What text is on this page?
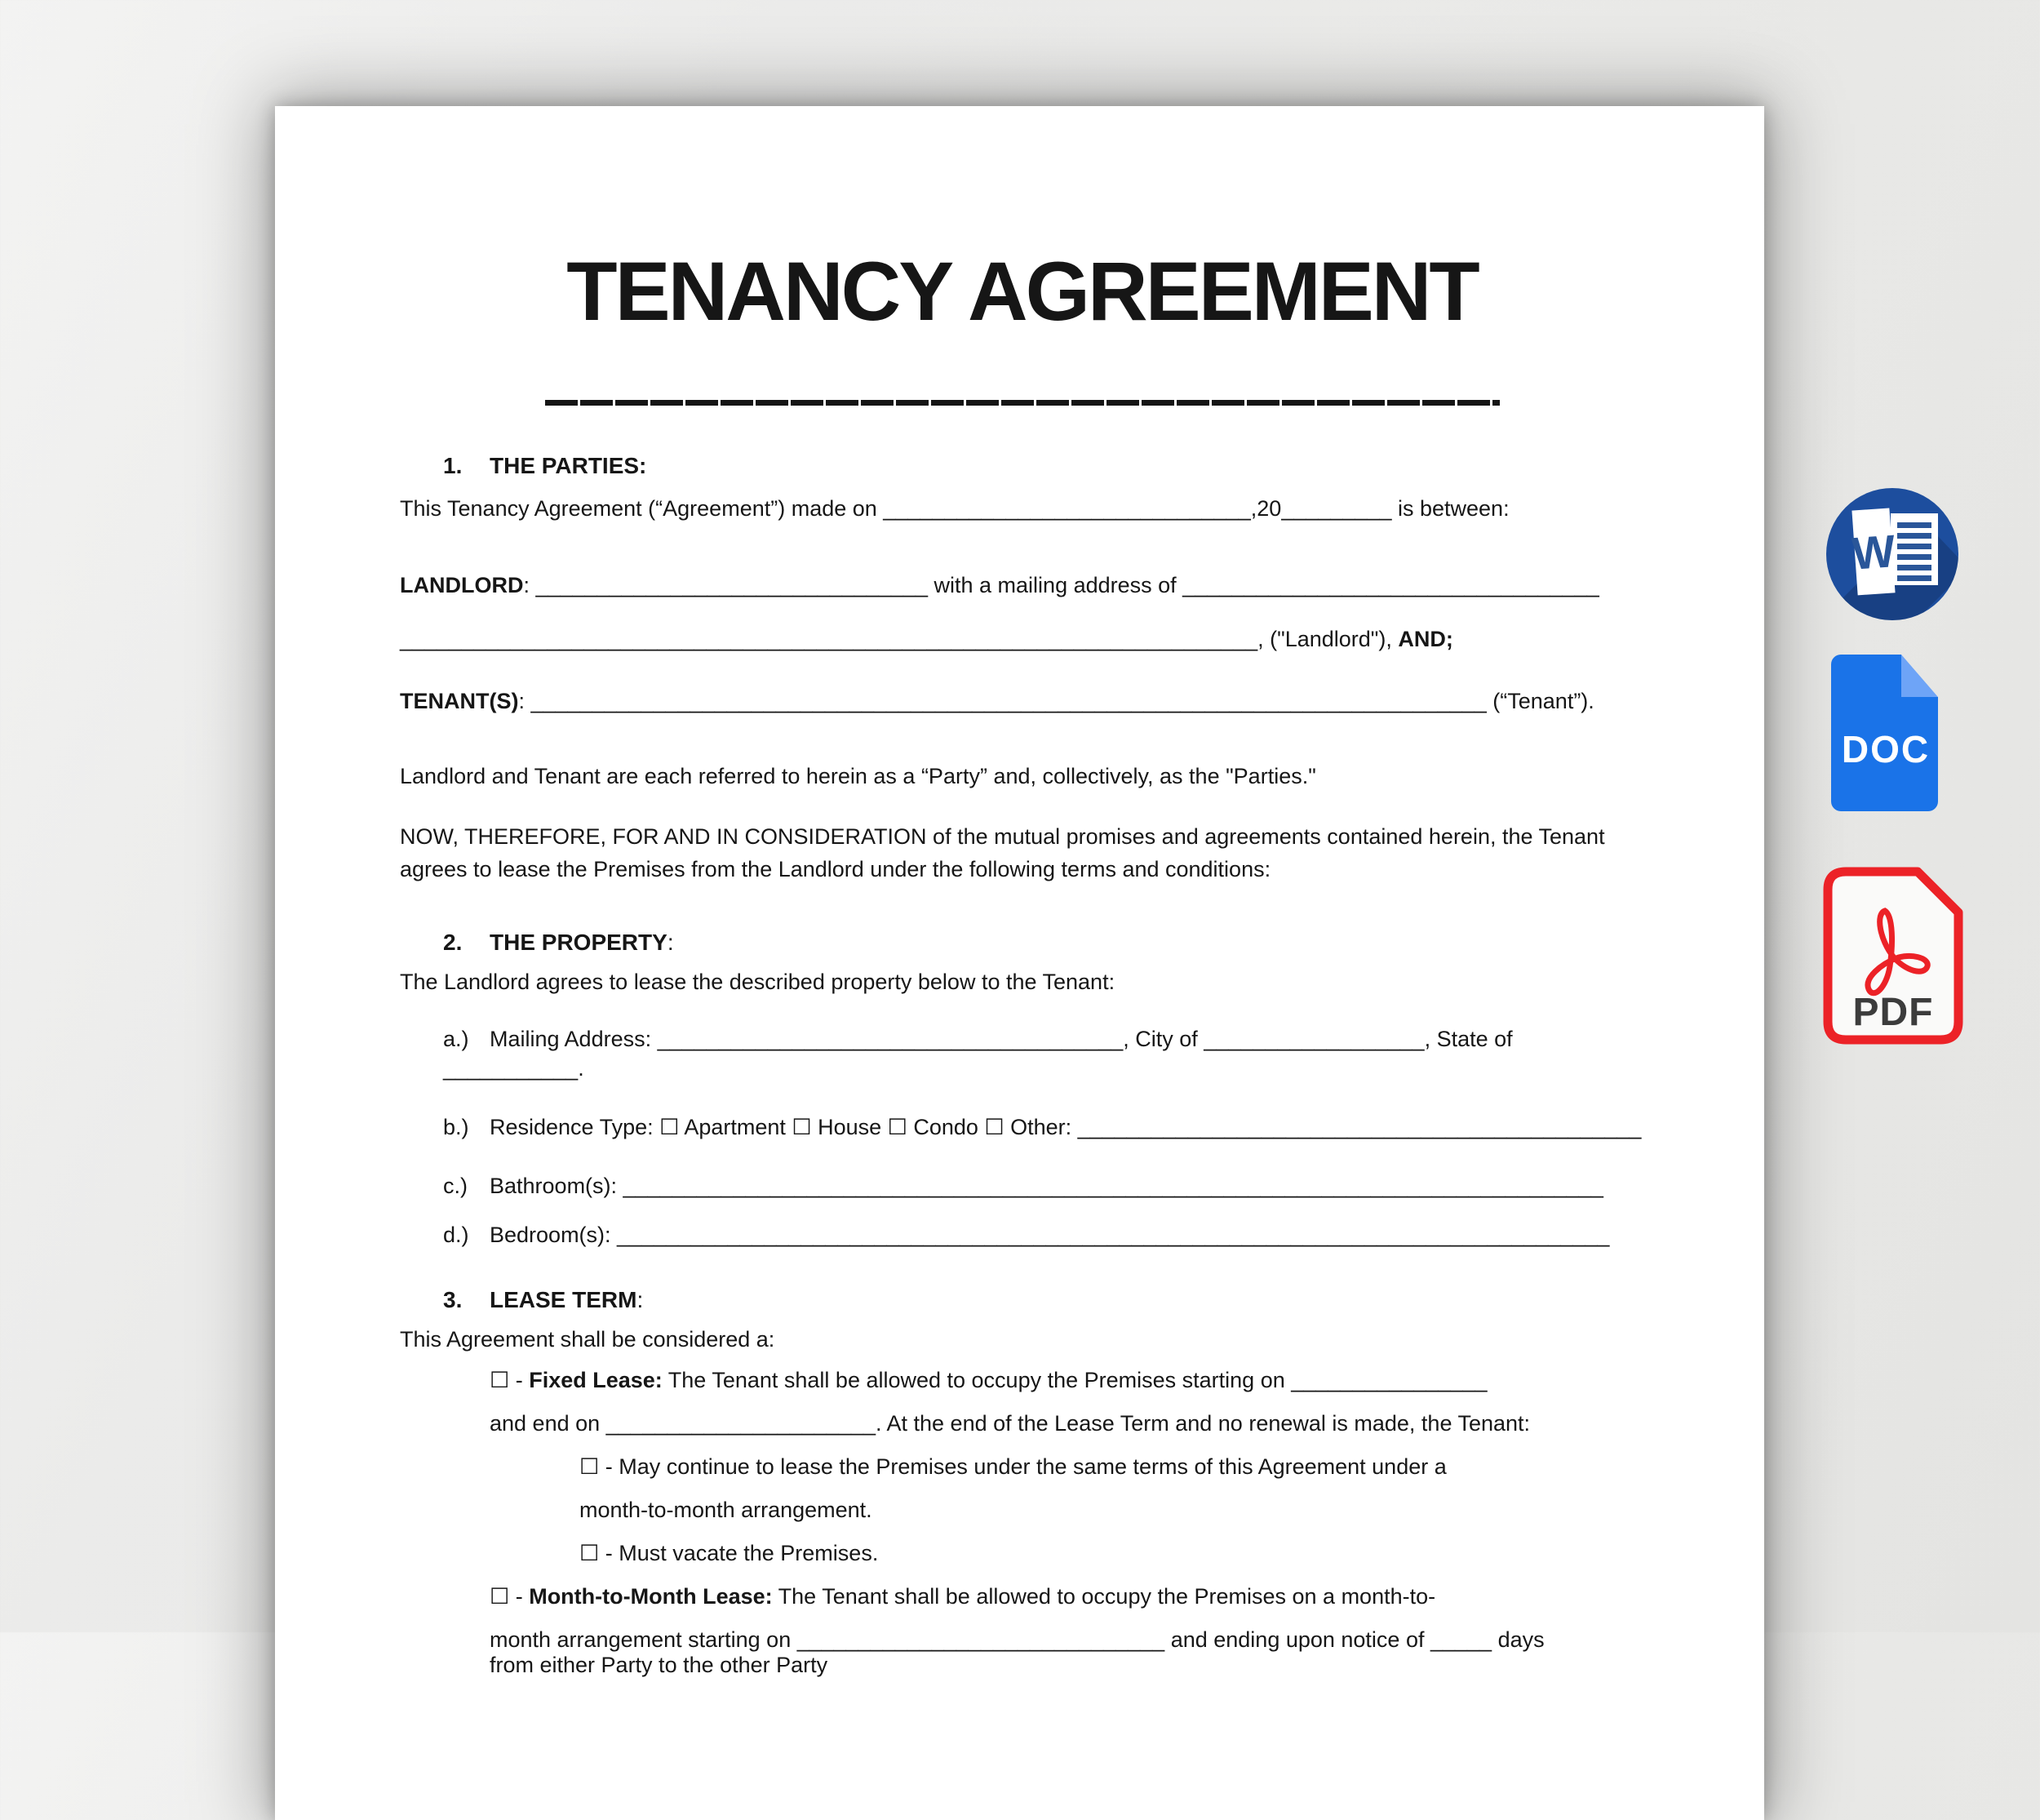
TENANCY AGREEMENT
1. THE PARTIES:

This Tenancy Agreement (“Agreement”) made on ______________________________,20_________ is between:

LANDLORD: ________________________________ with a mailing address of __________________________________

______________________________________________________________________, ("Landlord"), AND;

TENANT(S): ______________________________________________________________________________ (“Tenant”).

Landlord and Tenant are each referred to herein as a “Party” and, collectively, as the "Parties."

NOW, THEREFORE, FOR AND IN CONSIDERATION of the mutual promises and agreements contained herein, the Tenant agrees to lease the Premises from the Landlord under the following terms and conditions:

2. THE PROPERTY:

The Landlord agrees to lease the described property below to the Tenant:

a.) Mailing Address: ______________________________________, City of __________________, State of ___________.

b.) Residence Type: ☐ Apartment ☐ House ☐ Condo ☐ Other: ______________________________________________

c.) Bathroom(s): ________________________________________________________________________________

d.) Bedroom(s): _________________________________________________________________________________

3. LEASE TERM:

This Agreement shall be considered a:

☐ - Fixed Lease: The Tenant shall be allowed to occupy the Premises starting on ________________
and end on ______________________. At the end of the Lease Term and no renewal is made, the Tenant:
☐ - May continue to lease the Premises under the same terms of this Agreement under a
month-to-month arrangement.
☐ - Must vacate the Premises.
☐ - Month-to-Month Lease: The Tenant shall be allowed to occupy the Premises on a month-to-
month arrangement starting on ______________________________ and ending upon notice of _____ days
from either Party to the other Party
W
DOC
PDF
